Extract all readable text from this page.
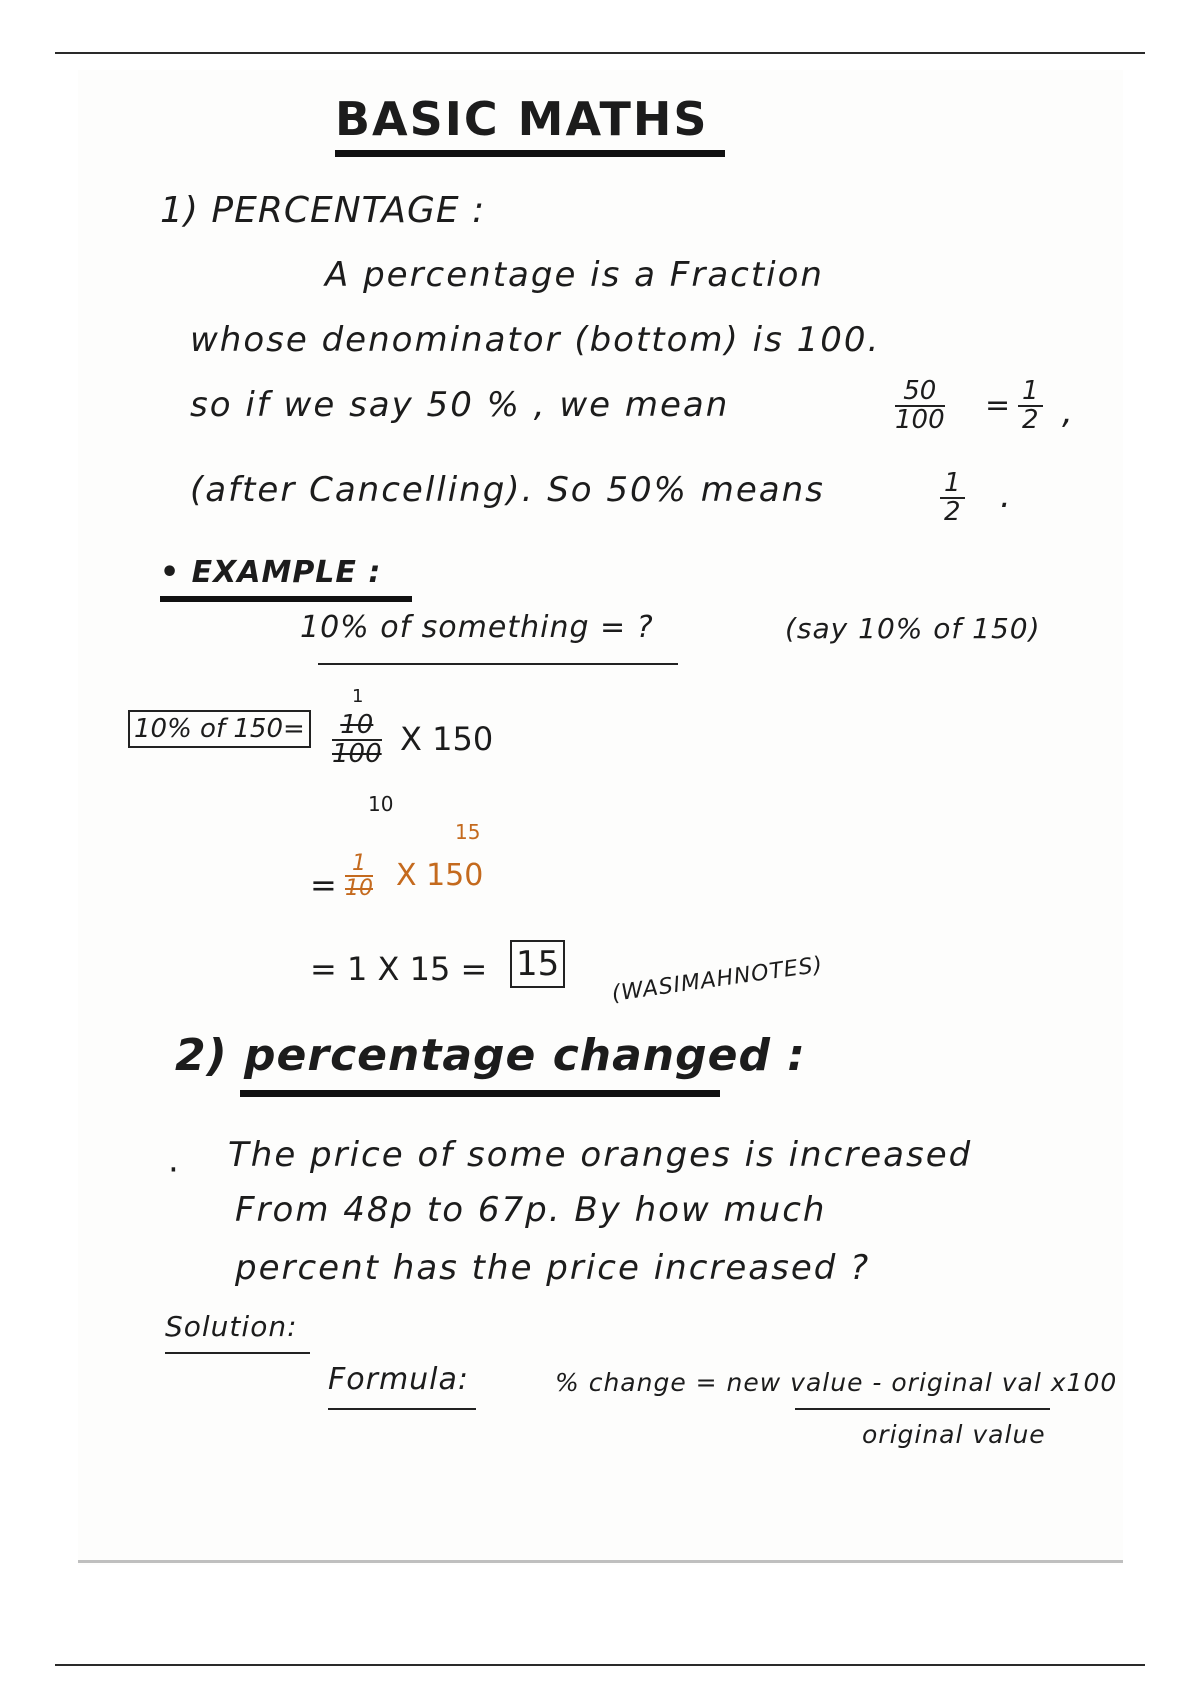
BASIC MATHS
1) PERCENTAGE :
A percentage is a Fraction
whose denominator (bottom) is 100.
so if we say 50 % , we mean	$\frac{50}{100} = \frac{1}{2}$ ,
(after Cancelling). So 50% means	$\frac{1}{2}$ .
• EXAMPLE :
10% of something = ?	(say 10% of 150)
10% of 150=
1
$\frac{10}{100}$
10
X 150
= $\frac{1}{10}$
15
X 150
= 1 X 15 = 15 (WASIMAHNOTES)
2) percentage changed :
· The price of some oranges is increased
From 48p to 67p. By how much
percent has the price increased ?
Solution:
Formula:	% change = new value - original val x100
original value
